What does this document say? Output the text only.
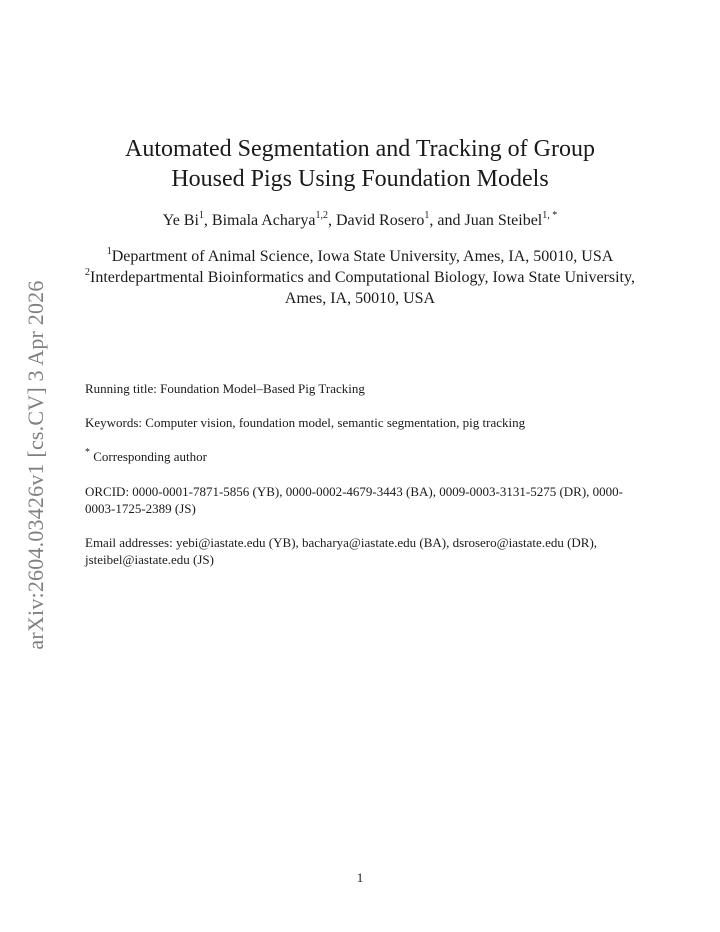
arXiv:2604.03426v1 [cs.CV] 3 Apr 2026
Automated Segmentation and Tracking of Group
Housed Pigs Using Foundation Models
Ye Bi$^1$, Bimala Acharya$^{1,2}$, David Rosero$^1$, and Juan Steibel$^{1, *}$
$^1$Department of Animal Science, Iowa State University, Ames, IA, 50010, USA
$^2$Interdepartmental Bioinformatics and Computational Biology, Iowa State University, Ames, IA, 50010, USA
Running title: Foundation Model–Based Pig Tracking
Keywords: Computer vision, foundation model, semantic segmentation, pig tracking
* Corresponding author
ORCID: 0000-0001-7871-5856 (YB), 0000-0002-4679-3443 (BA), 0009-0003-3131-5275 (DR), 0000-0003-1725-2389 (JS)
Email addresses: yebi@iastate.edu (YB), bacharya@iastate.edu (BA), dsrosero@iastate.edu (DR), jsteibel@iastate.edu (JS)
1
